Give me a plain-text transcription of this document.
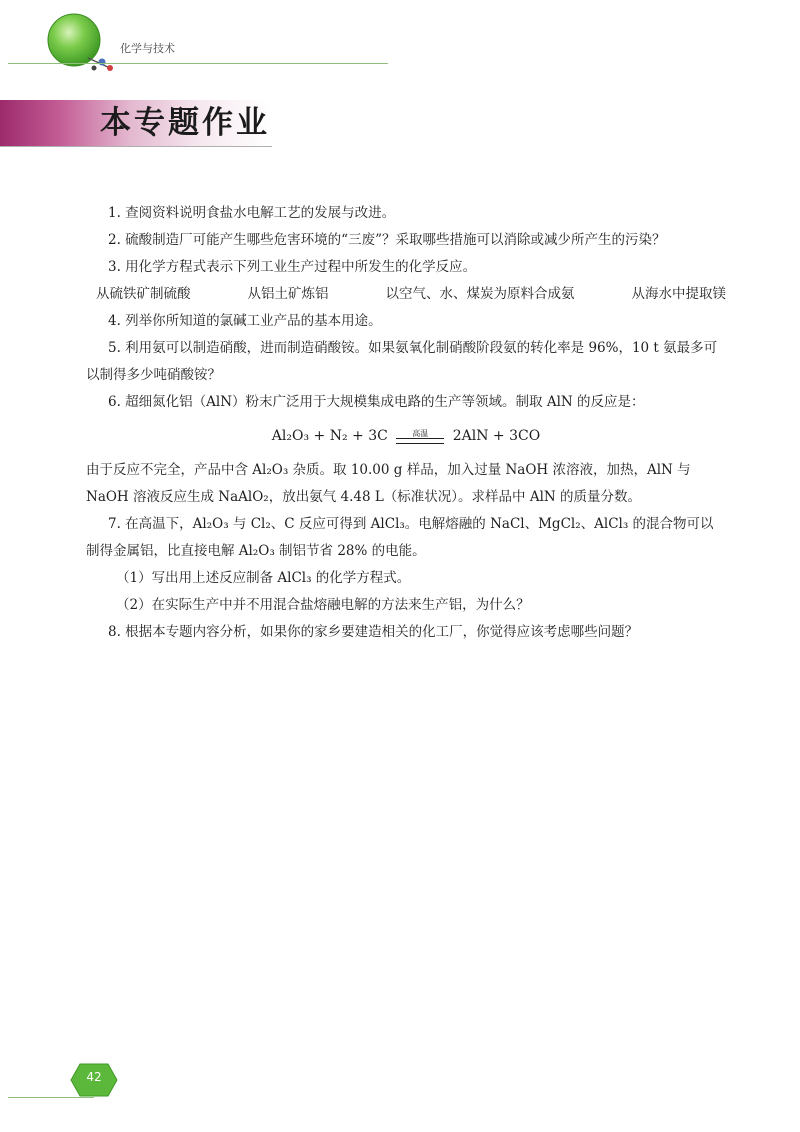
化学与技术
本专题作业

1. 查阅资料说明食盐水电解工艺的发展与改进。

2. 硫酸制造厂可能产生哪些危害环境的“三废”？采取哪些措施可以消除或减少所产生的污染？

3. 用化学方程式表示下列工业生产过程中所发生的化学反应。

从硫铁矿制硫酸	从铝土矿炼铝	以空气、水、煤炭为原料合成氨	从海水中提取镁

4. 列举你所知道的氯碱工业产品的基本用途。

5. 利用氨可以制造硝酸，进而制造硝酸铵。如果氨氧化制硝酸阶段氨的转化率是 96%，10 t 氨最多可以制得多少吨硝酸铵？

6. 超细氮化铝（AlN）粉末广泛用于大规模集成电路的生产等领域。制取 AlN 的反应是：

Al₂O₃ + N₂ + 3C	高温 2AlN + 3CO

由于反应不完全，产品中含 Al₂O₃ 杂质。取 10.00 g 样品，加入过量 NaOH 浓溶液，加热，AlN 与 NaOH 溶液反应生成 NaAlO₂，放出氨气 4.48 L（标准状况）。求样品中 AlN 的质量分数。

7. 在高温下，Al₂O₃ 与 Cl₂、C 反应可得到 AlCl₃。电解熔融的 NaCl、MgCl₂、AlCl₃ 的混合物可以制得金属铝，比直接电解 Al₂O₃ 制铝节省 28% 的电能。

（1）写出用上述反应制备 AlCl₃ 的化学方程式。

（2）在实际生产中并不用混合盐熔融电解的方法来生产铝，为什么？

8. 根据本专题内容分析，如果你的家乡要建造相关的化工厂，你觉得应该考虑哪些问题？

42
